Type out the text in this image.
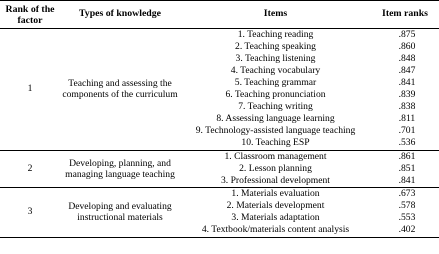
Rank of the factor	Types of knowledge	Items	Item ranks
1	Teaching and assessing the components of the curriculum	1. Teaching reading	.875
		2. Teaching speaking	.860
		3. Teaching listening	.848
		4. Teaching vocabulary	.847
		5. Teaching grammar	.841
		6. Teaching pronunciation	.839
		7. Teaching writing	.838
		8. Assessing language learning	.811
		9. Technology-assisted language teaching	.701
		10. Teaching ESP	.536
2	Developing, planning, and managing language teaching	1. Classroom management	.861
		2. Lesson planning	.851
		3. Professional development	.841
3	Developing and evaluating instructional materials	1. Materials evaluation	.673
		2. Materials development	.578
		3. Materials adaptation	.553
		4. Textbook/materials content analysis	.402
